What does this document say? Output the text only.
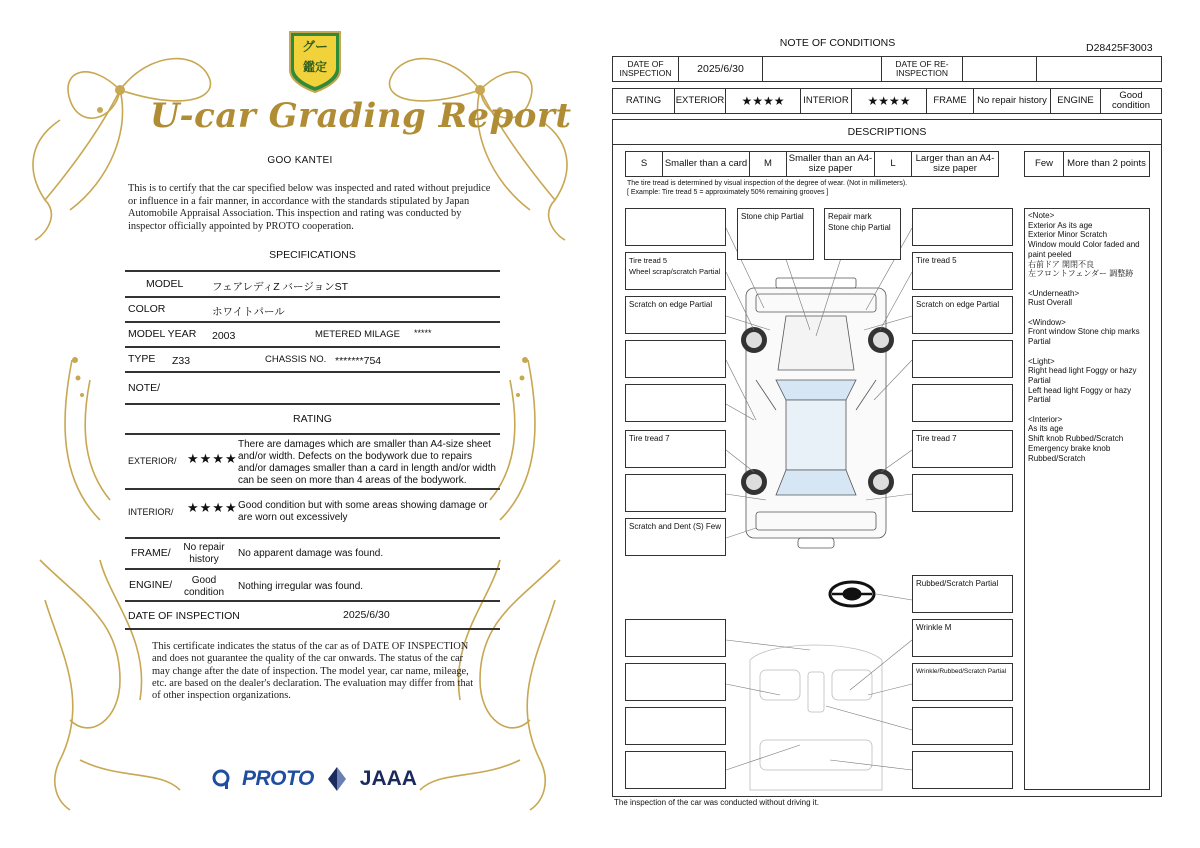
グー
鑑定
U-car Grading Report
GOO KANTEI
This is to certify that the car specified below was inspected and rated without prejudice or influence in a fair manner, in accordance with the standards stipulated by Japan Automobile Appraisal Association. This inspection and rating was conducted by inspector officially appointed by PROTO cooperation.
SPECIFICATIONS
MODEL	フェアレディZ バージョンST
COLOR	ホワイトパール
MODEL YEAR 2003	METERED MILAGE *****
TYPE Z33	CHASSIS NO. *******754
NOTE/
RATING
EXTERIOR/ ★★★★
There are damages which are smaller than A4-size sheet and/or width. Defects on the bodywork due to repairs and/or damages smaller than a card in length and/or width can be seen on more than 4 areas of the bodywork.
INTERIOR/ ★★★★ Good condition but with some areas showing damage or are worn out excessively
FRAME/	No repair history
No apparent damage was found.
ENGINE/	Good condition
Nothing irregular was found.
DATE OF INSPECTION	2025/6/30
This certificate indicates the status of the car as of DATE OF INSPECTION and does not guarantee the quality of the car onwards. The status of the car may change after the date of inspection. The model year, car name, mileage, etc. are based on the dealer's declaration. The evaluation may differ from that of other inspection organizations.
PROTO JAAA
NOTE OF CONDITIONS	D28425F3003
DATE OF INSPECTION	2025/6/30	DATE OF RE-INSPECTION
RATING	EXTERIOR	★★★★	INTERIOR	★★★★	FRAME	No repair history	ENGINE	Good condition
DESCRIPTIONS
S	Smaller than a card	M	Smaller than an A4-size paper	L	Larger than an A4-size paper	Few	More than 2 points
The tire tread is determined by visual inspection of the degree of wear. (Not in millimeters).
[ Example: Tire tread 5 = approximately 50% remaining grooves ]
Tire tread 5
Wheel scrap/scratch Partial
Scratch on edge Partial
Tire tread 7
Scratch and Dent (S) Few
Stone chip Partial	Repair mark
Stone chip Partial
Tire tread 5
Scratch on edge Partial
Tire tread 7
Rubbed/Scratch Partial
Wrinkle M
Wrinkle/Rubbed/Scratch Partial
<Note>
Exterior As its age
Exterior Minor Scratch
Window mould Color faded and paint peeled
右前ドア 開閉不良
左フロントフェンダー 調整跡

<Underneath>
Rust Overall

<Window>
Front window Stone chip marks Partial

<Light>
Right head light Foggy or hazy Partial
Left head light Foggy or hazy Partial

<Interior>
As its age
Shift knob Rubbed/Scratch
Emergency brake knob Rubbed/Scratch
The inspection of the car was conducted without driving it.
